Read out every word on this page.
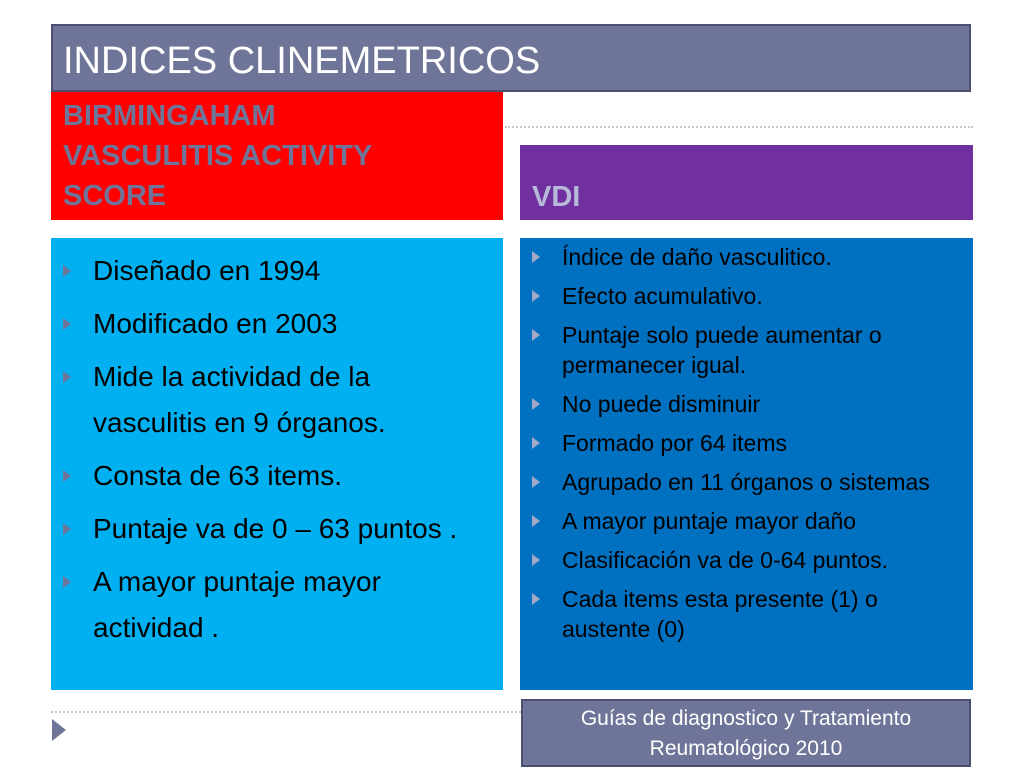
INDICES CLINEMETRICOS
BIRMINGAHAM
VASCULITIS ACTIVITY
SCORE	VDI
Diseñado en 1994
Modificado en 2003
Mide la actividad de la vasculitis en 9 órganos.
Consta de 63 items.
Puntaje va de 0 – 63 puntos .
A mayor puntaje mayor actividad .
Índice de daño vasculitico.
Efecto acumulativo.
Puntaje solo puede aumentar o permanecer igual.
No puede disminuir
Formado por 64 items
Agrupado en 11 órganos o sistemas
A mayor puntaje mayor daño
Clasificación va de 0-64 puntos.
Cada items esta presente (1) o austente (0)
Guías de diagnostico y Tratamiento
Reumatológico 2010
